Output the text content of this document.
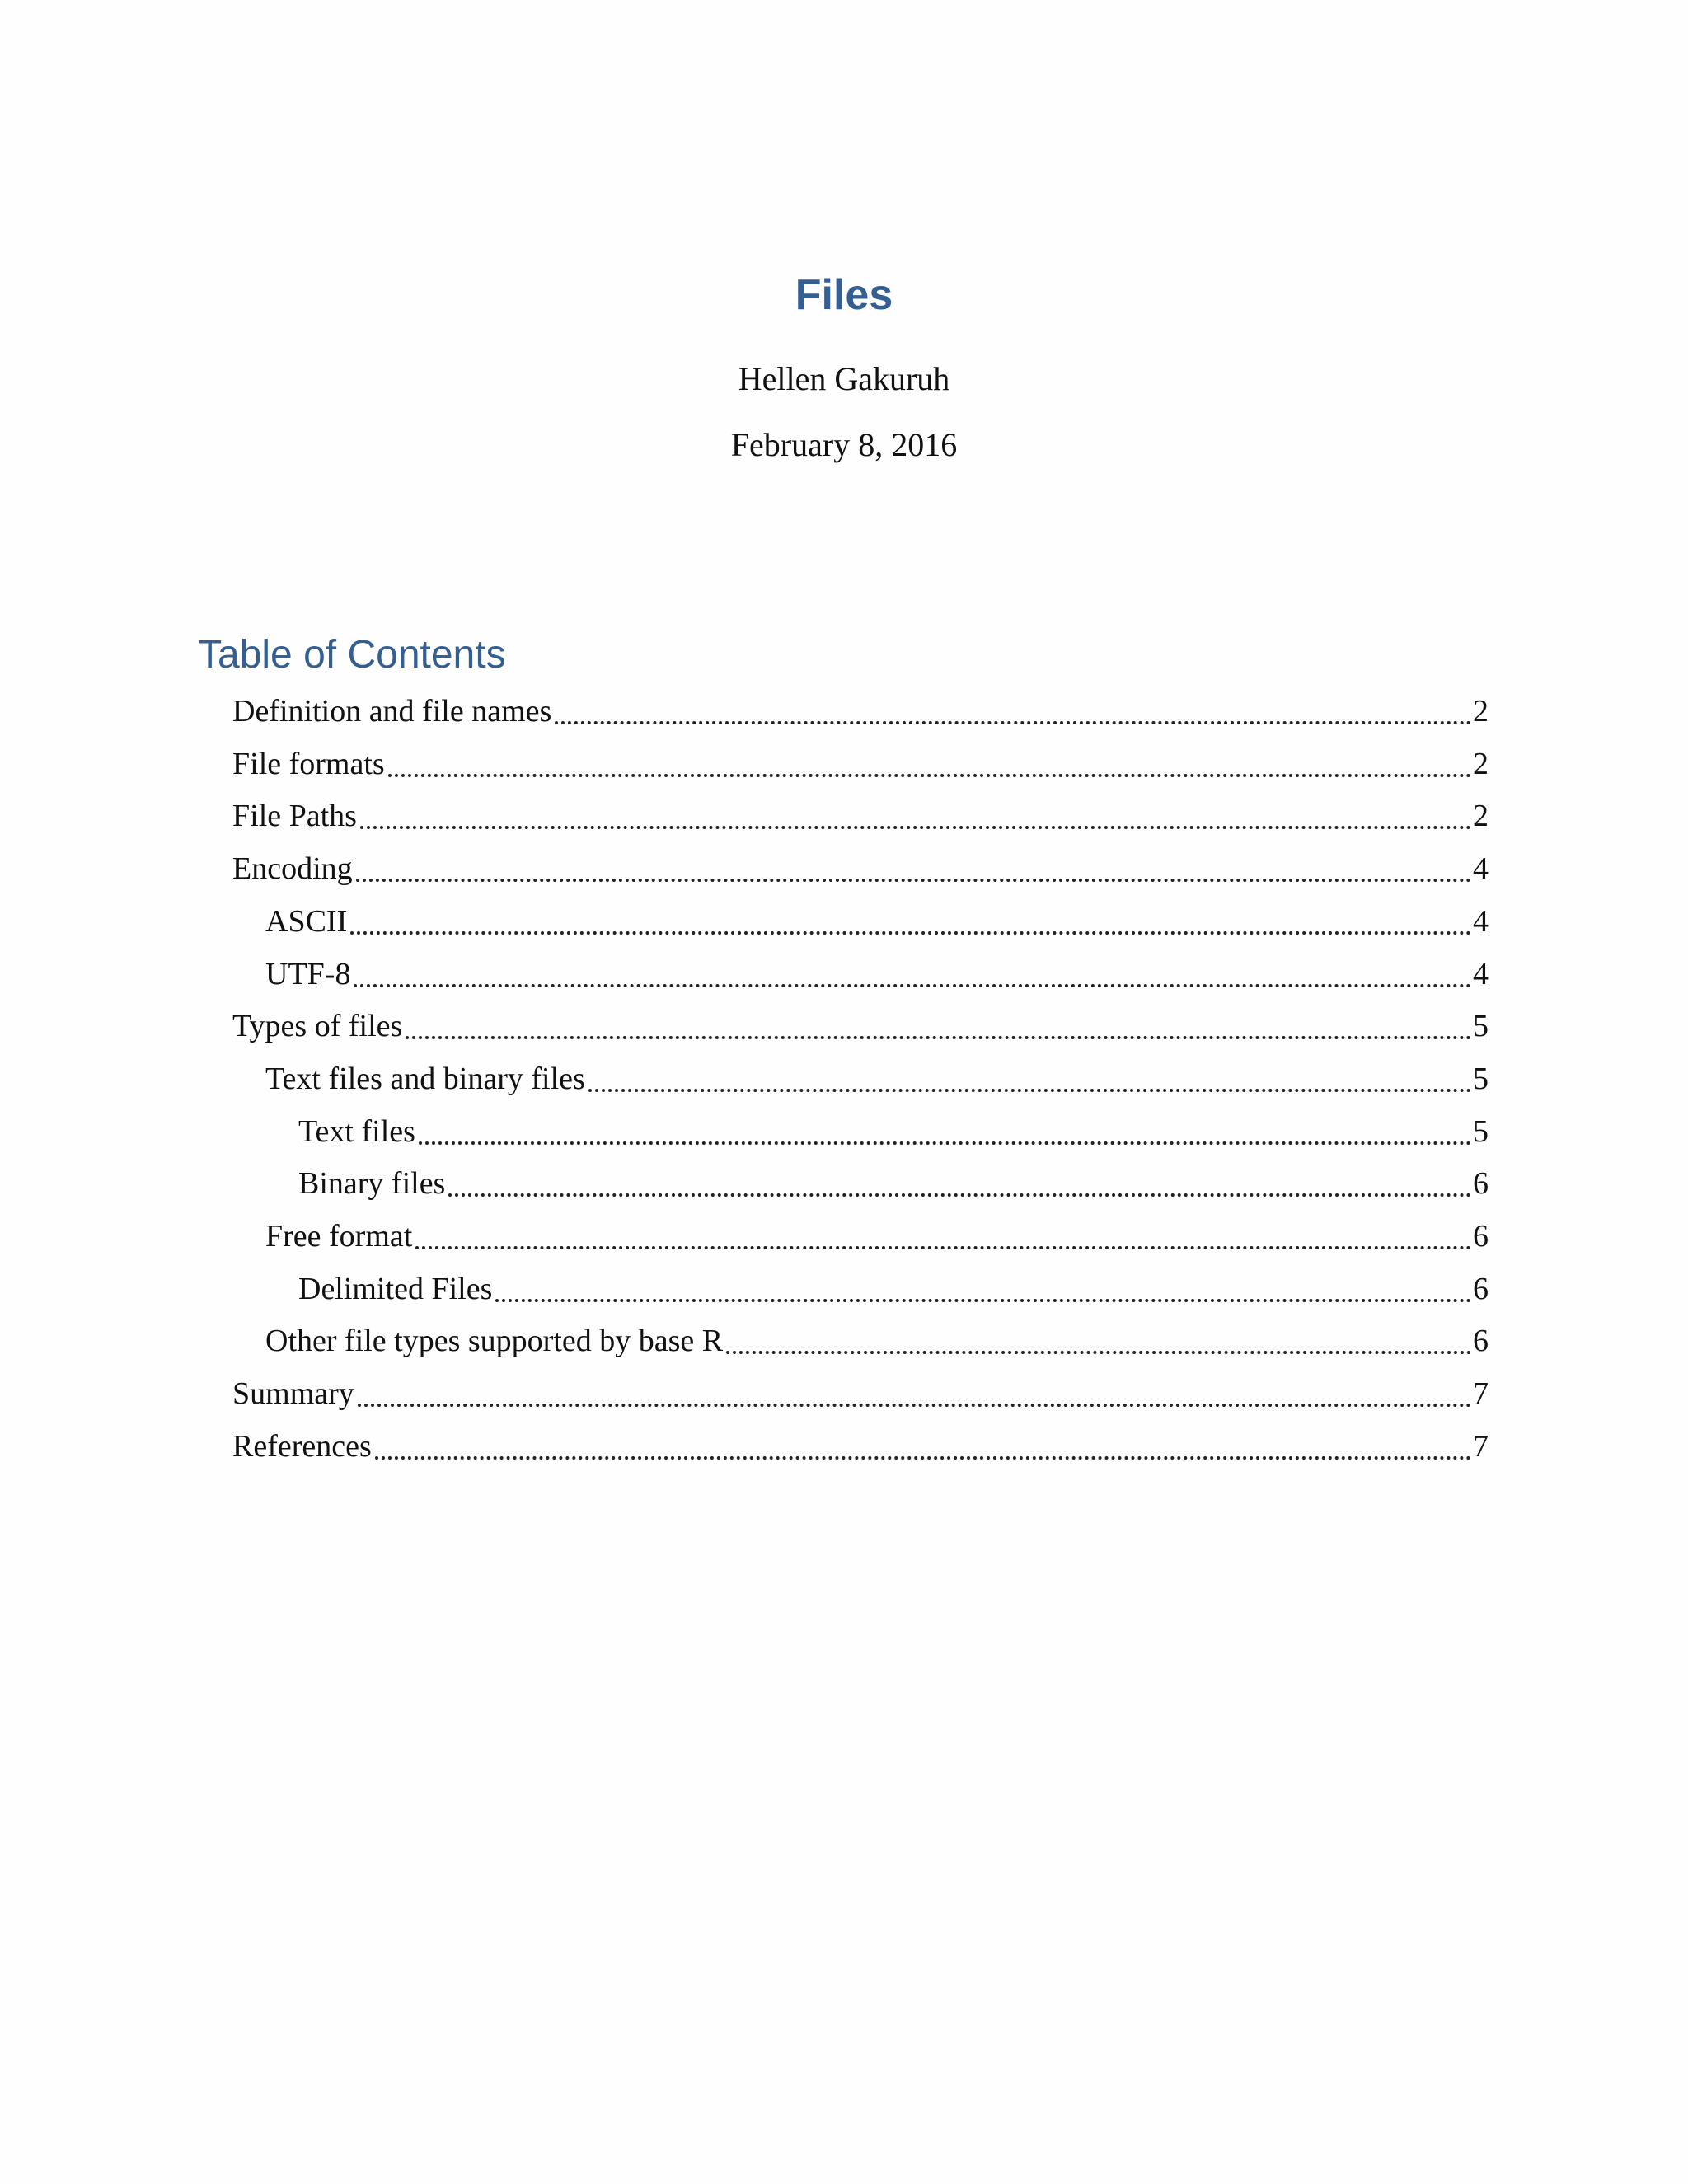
Files
Hellen Gakuruh
February 8, 2016
Table of Contents
Definition and file names	2
File formats	2
File Paths	2
Encoding	4
ASCII	4
UTF-8	4
Types of files	5
Text files and binary files	5
Text files	5
Binary files	6
Free format	6
Delimited Files	6
Other file types supported by base R	6
Summary	7
References	7
